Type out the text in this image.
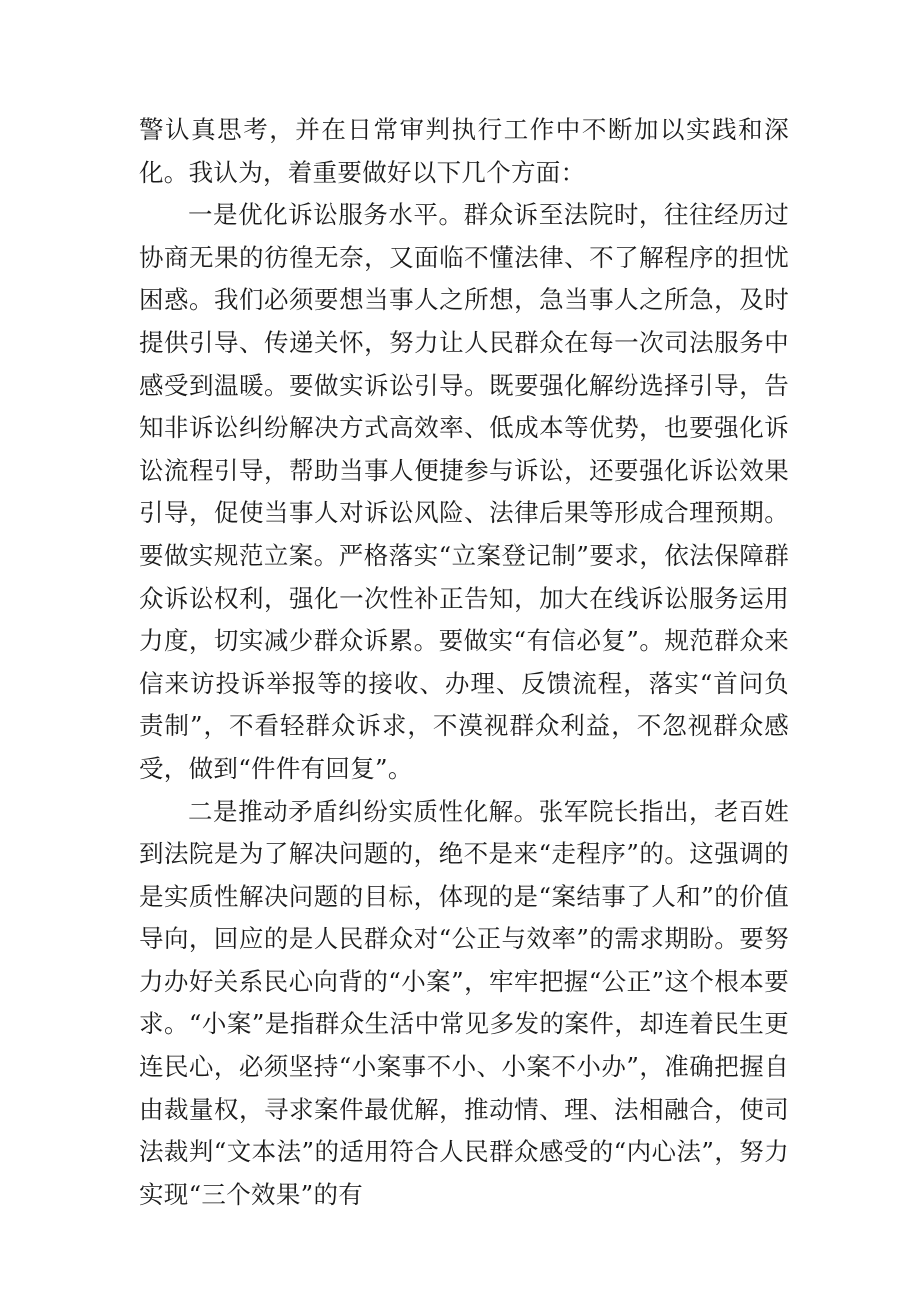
警认真思考，并在日常审判执行工作中不断加以实践和深化。我认为，着重要做好以下几个方面：

一是优化诉讼服务水平。群众诉至法院时，往往经历过协商无果的彷徨无奈，又面临不懂法律、不了解程序的担忧困惑。我们必须要想当事人之所想，急当事人之所急，及时提供引导、传递关怀，努力让人民群众在每一次司法服务中感受到温暖。要做实诉讼引导。既要强化解纷选择引导，告知非诉讼纠纷解决方式高效率、低成本等优势，也要强化诉讼流程引导，帮助当事人便捷参与诉讼，还要强化诉讼效果引导，促使当事人对诉讼风险、法律后果等形成合理预期。要做实规范立案。严格落实“立案登记制”要求，依法保障群众诉讼权利，强化一次性补正告知，加大在线诉讼服务运用力度，切实减少群众诉累。要做实“有信必复”。规范群众来信来访投诉举报等的接收、办理、反馈流程，落实“首问负责制”，不看轻群众诉求，不漠视群众利益，不忽视群众感受，做到“件件有回复”。

二是推动矛盾纠纷实质性化解。张军院长指出，老百姓到法院是为了解决问题的，绝不是来“走程序”的。这强调的是实质性解决问题的目标，体现的是“案结事了人和”的价值导向，回应的是人民群众对“公正与效率”的需求期盼。要努力办好关系民心向背的“小案”，牢牢把握“公正”这个根本要求。“小案”是指群众生活中常见多发的案件，却连着民生更连民心，必须坚持“小案事不小、小案不小办”，准确把握自由裁量权，寻求案件最优解，推动情、理、法相融合，使司法裁判“文本法”的适用符合人民群众感受的“内心法”，努力实现“三个效果”的有
